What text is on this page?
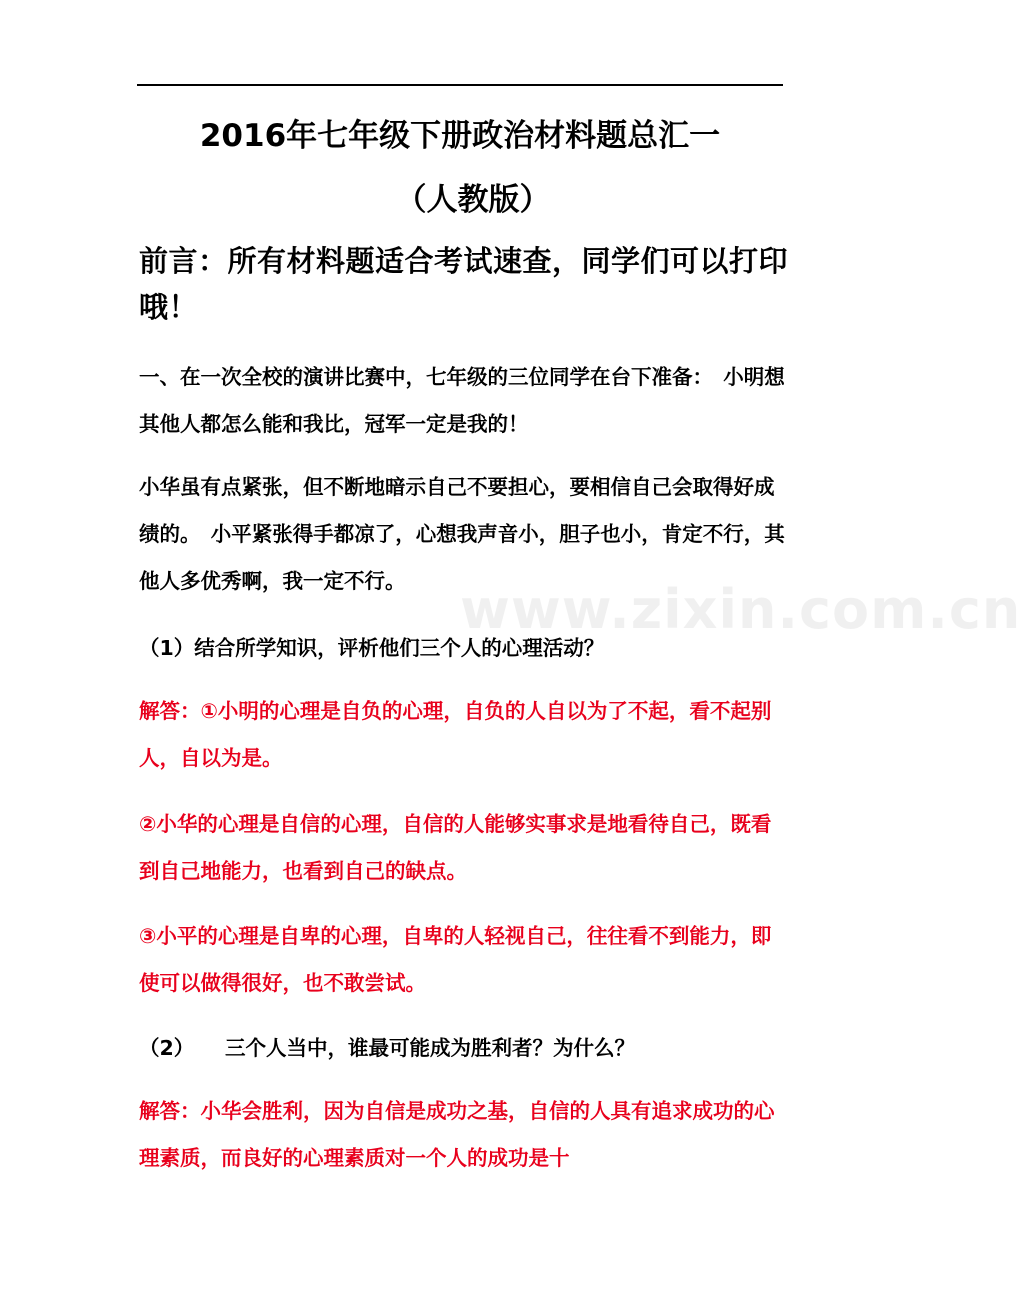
www.zixin.com.cn
2016年七年级下册政治材料题总汇一
（人教版）
前言：所有材料题适合考试速查，同学们可以打印哦！
一、在一次全校的演讲比赛中，七年级的三位同学在台下准备：　小明想其他人都怎么能和我比，冠军一定是我的！
小华虽有点紧张，但不断地暗示自己不要担心，要相信自己会取得好成绩的。　小平紧张得手都凉了，心想我声音小，胆子也小，肯定不行，其他人多优秀啊，我一定不行。
（1）结合所学知识，评析他们三个人的心理活动？
解答：①小明的心理是自负的心理，自负的人自以为了不起，看不起别人，自以为是。
②小华的心理是自信的心理，自信的人能够实事求是地看待自己，既看到自己地能力，也看到自己的缺点。
③小平的心理是自卑的心理，自卑的人轻视自己，往往看不到能力，即使可以做得很好，也不敢尝试。
（2）　　三个人当中，谁最可能成为胜利者？为什么？
解答：小华会胜利，因为自信是成功之基，自信的人具有追求成功的心理素质，而良好的心理素质对一个人的成功是十
